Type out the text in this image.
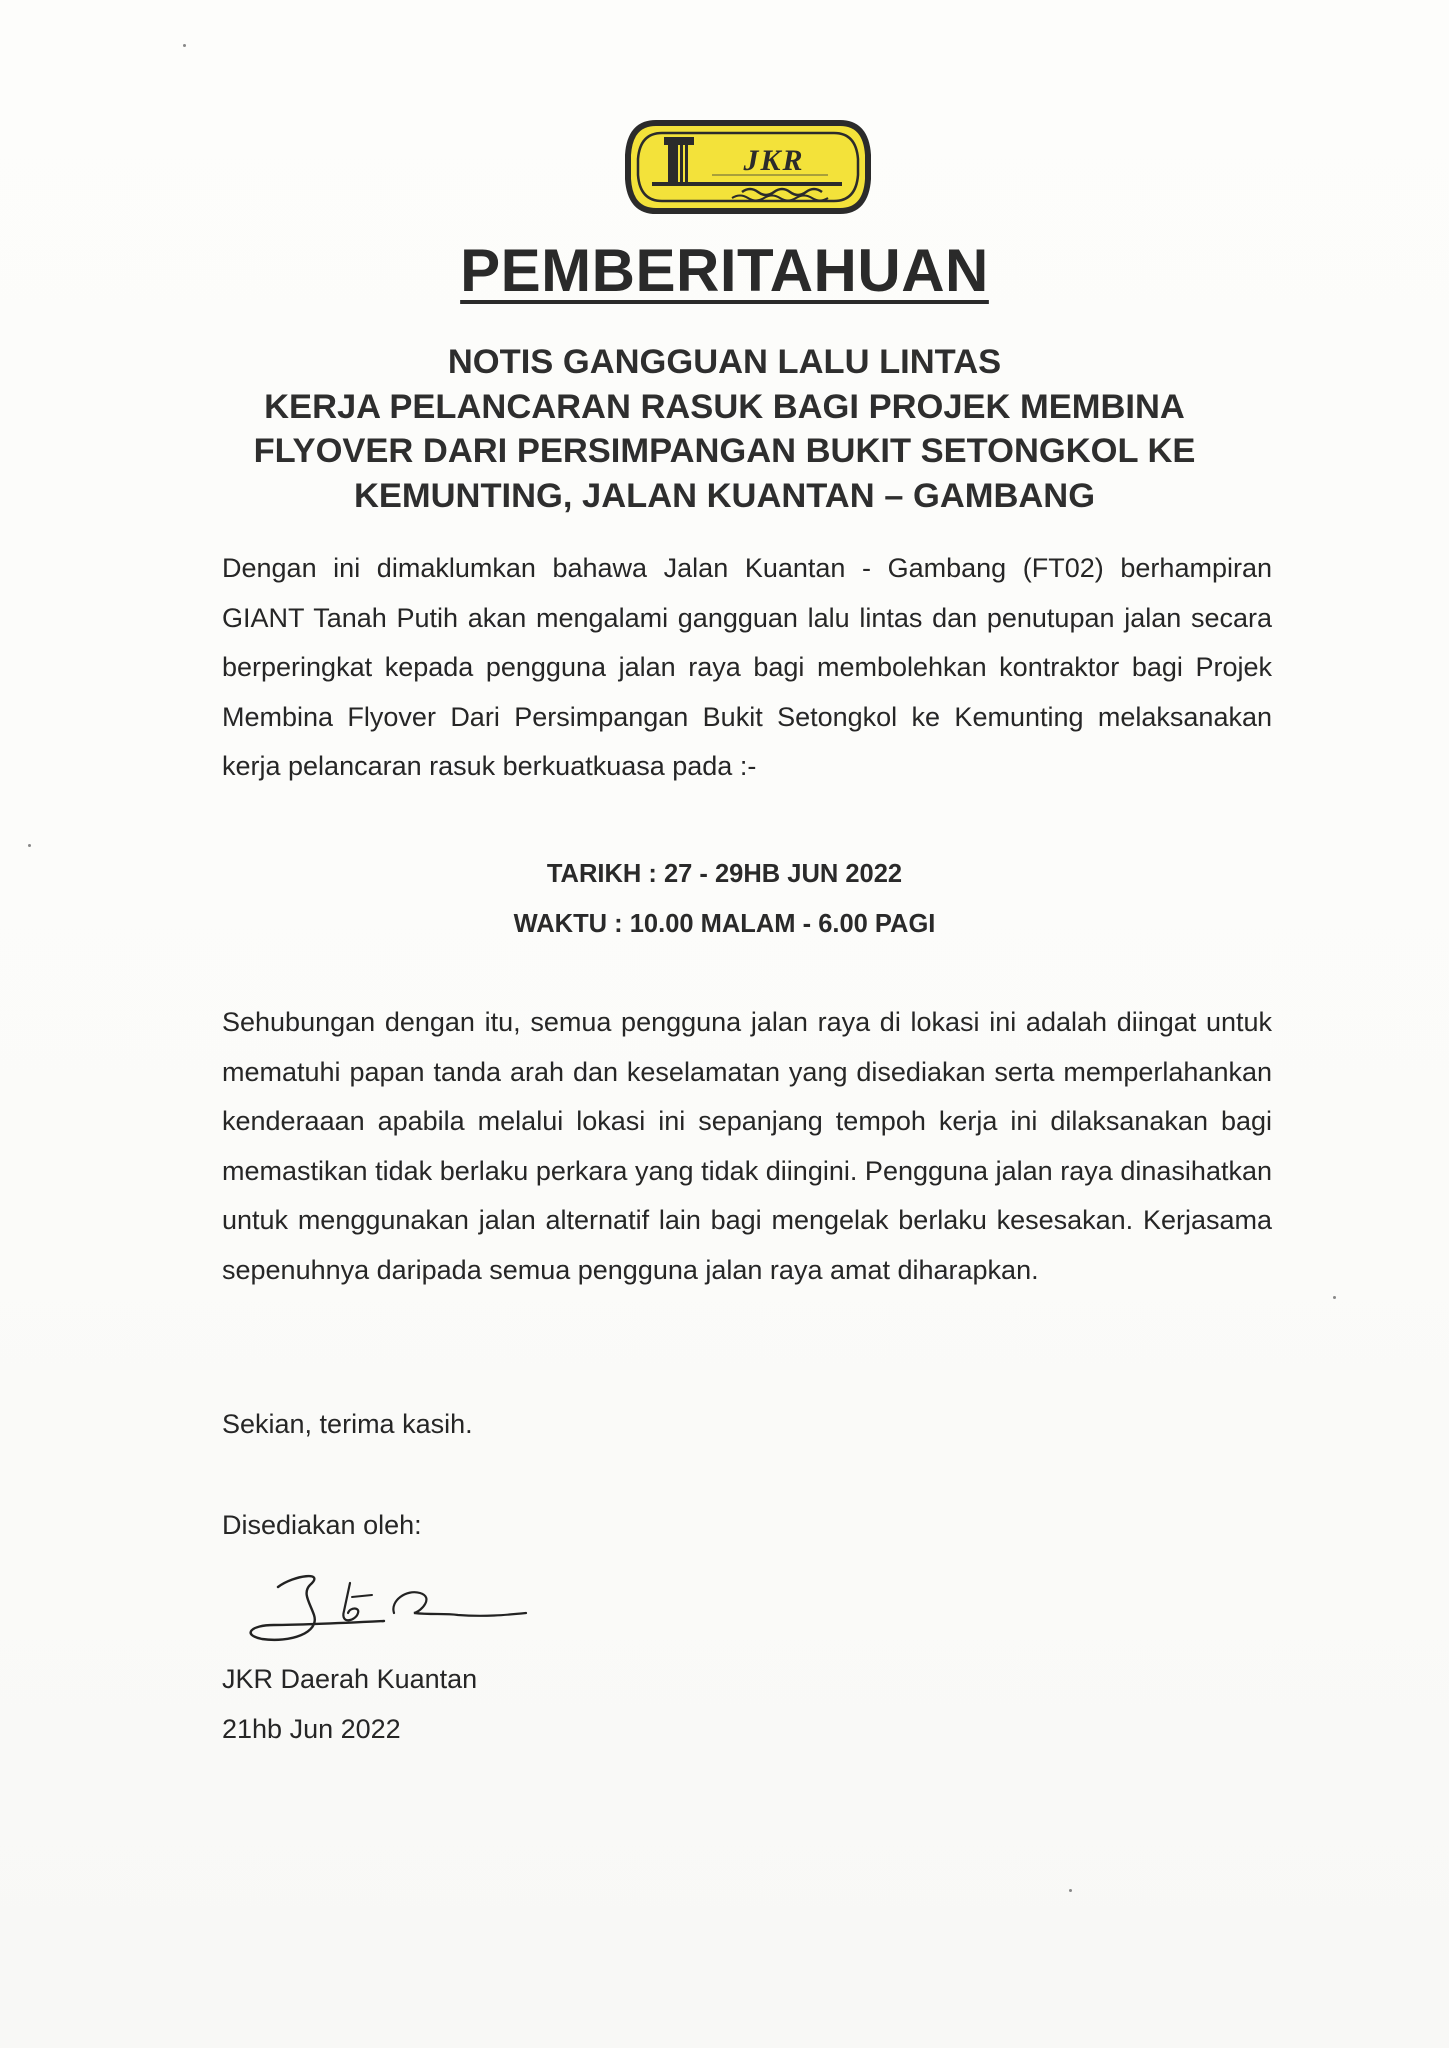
JKR
PEMBERITAHUAN
NOTIS GANGGUAN LALU LINTAS
KERJA PELANCARAN RASUK BAGI PROJEK MEMBINA
FLYOVER DARI PERSIMPANGAN BUKIT SETONGKOL KE
KEMUNTING, JALAN KUANTAN – GAMBANG
Dengan ini dimaklumkan bahawa Jalan Kuantan - Gambang (FT02) berhampiran GIANT Tanah Putih akan mengalami gangguan lalu lintas dan penutupan jalan secara berperingkat kepada pengguna jalan raya bagi membolehkan kontraktor bagi Projek Membina Flyover Dari Persimpangan Bukit Setongkol ke Kemunting melaksanakan kerja pelancaran rasuk berkuatkuasa pada :-
TARIKH : 27 - 29HB JUN 2022
WAKTU : 10.00 MALAM - 6.00 PAGI
Sehubungan dengan itu, semua pengguna jalan raya di lokasi ini adalah diingat untuk mematuhi papan tanda arah dan keselamatan yang disediakan serta memperlahankan kenderaaan apabila melalui lokasi ini sepanjang tempoh kerja ini dilaksanakan bagi memastikan tidak berlaku perkara yang tidak diingini. Pengguna jalan raya dinasihatkan untuk menggunakan jalan alternatif lain bagi mengelak berlaku kesesakan. Kerjasama sepenuhnya daripada semua pengguna jalan raya amat diharapkan.
Sekian, terima kasih.
Disediakan oleh:
JKR Daerah Kuantan
21hb Jun 2022
